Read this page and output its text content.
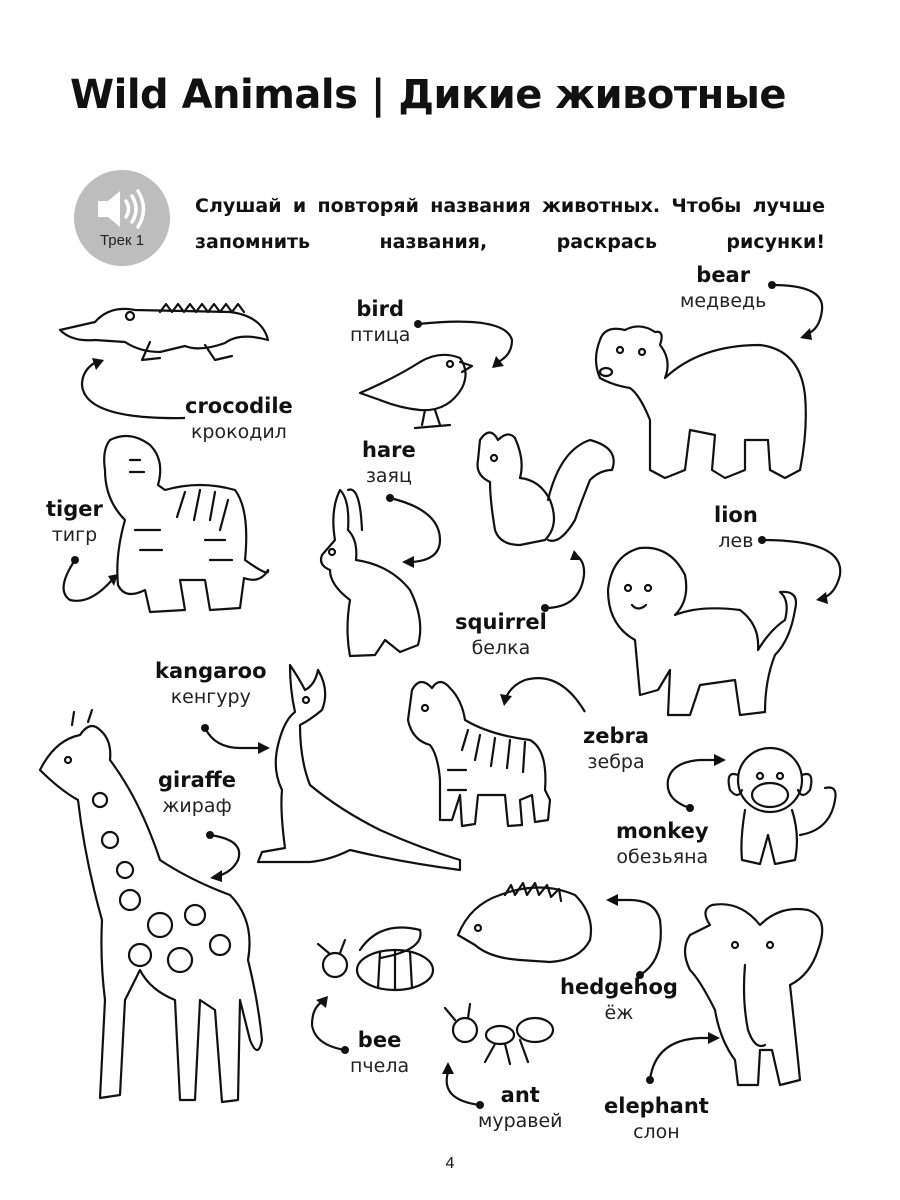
Wild Animals | Дикие животные
Трек 1
Слушай и повторяй названия животных. Чтобы лучше запомнить названия, раскрась рисунки!
crocodile
крокодил
bird
птица
bear
медведь
tiger
тигр
hare
заяц
lion
лев
squirrel
белка
kangaroo
кенгуру
giraffe
жираф
zebra
зебра
monkey
обезьяна
hedgehog
ёж
bee
пчела
ant
муравей
elephant
слон
4
